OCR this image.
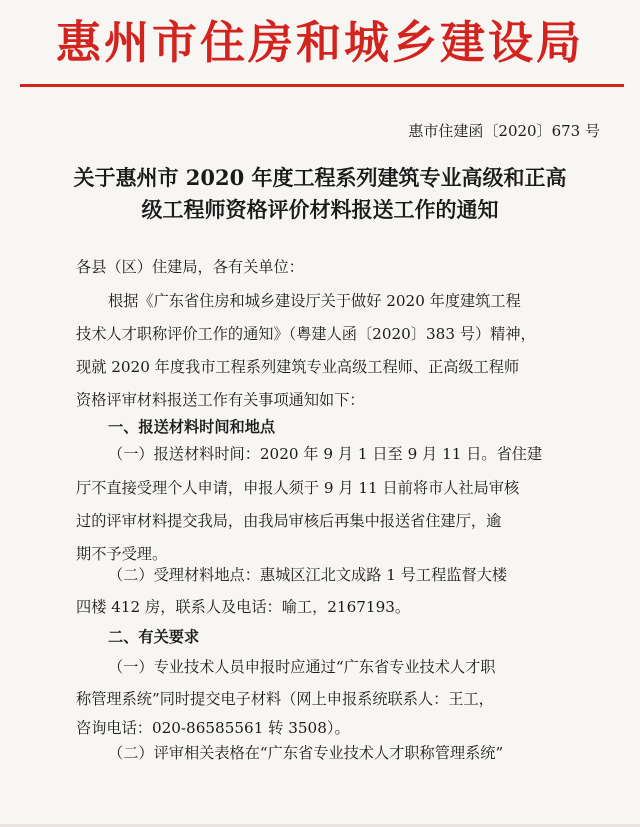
惠州市住房和城乡建设局
惠市住建函〔2020〕673 号
关于惠州市 2020 年度工程系列建筑专业高级和正高
级工程师资格评价材料报送工作的通知
各县（区）住建局，各有关单位：
根据《广东省住房和城乡建设厅关于做好 2020 年度建筑工程
技术人才职称评价工作的通知》（粤建人函〔2020〕383 号）精神，
现就 2020 年度我市工程系列建筑专业高级工程师、正高级工程师
资格评审材料报送工作有关事项通知如下：
一、报送材料时间和地点
（一）报送材料时间：2020 年 9 月 1 日至 9 月 11 日。省住建
厅不直接受理个人申请，申报人须于 9 月 11 日前将市人社局审核
过的评审材料提交我局，由我局审核后再集中报送省住建厅，逾
期不予受理。
（二）受理材料地点：惠城区江北文成路 1 号工程监督大楼
四楼 412 房，联系人及电话：喻工，2167193。
二、有关要求
（一）专业技术人员申报时应通过“广东省专业技术人才职
称管理系统”同时提交电子材料（网上申报系统联系人：王工，
咨询电话：020-86585561 转 3508）。
（二）评审相关表格在“广东省专业技术人才职称管理系统”
